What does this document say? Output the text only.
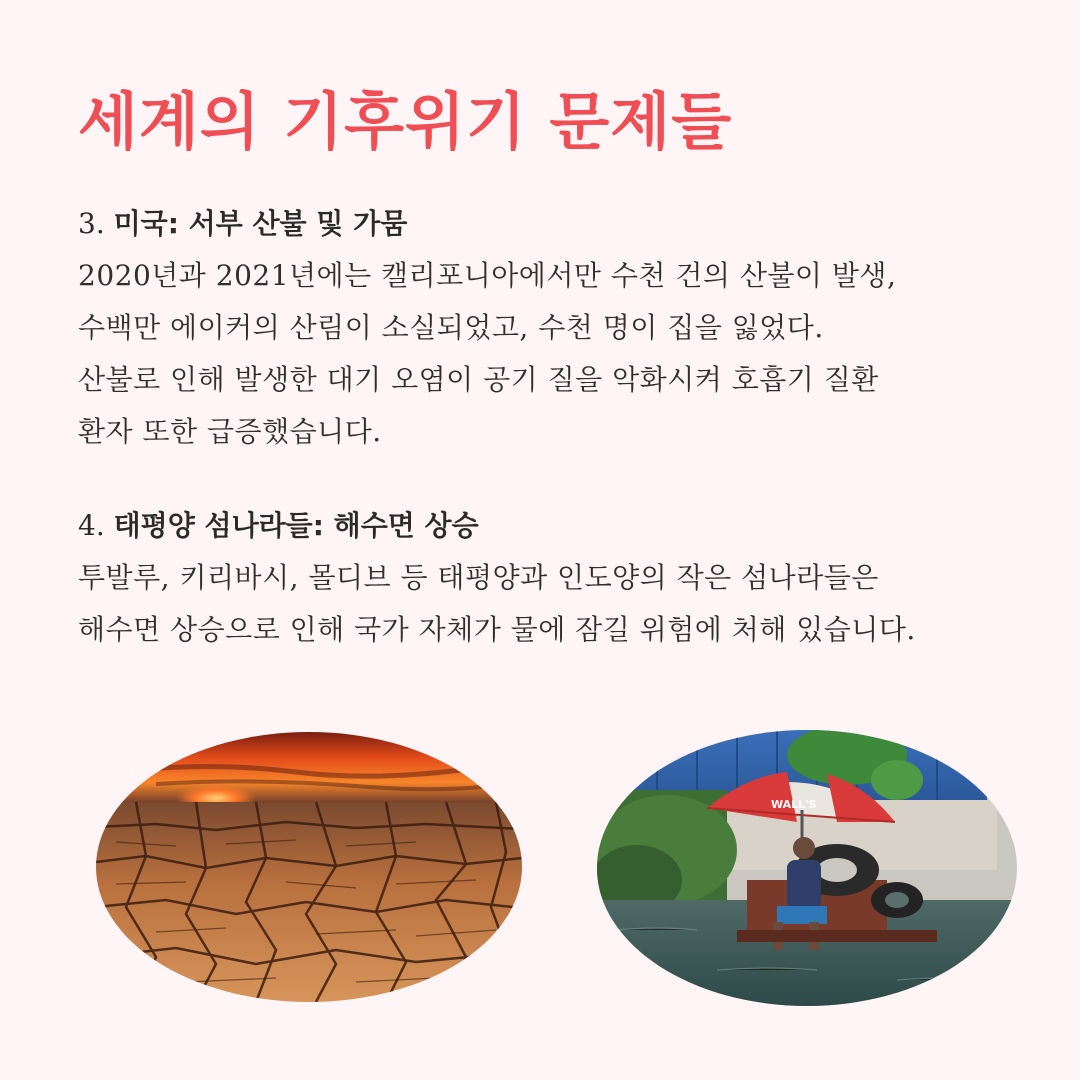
세계의 기후위기 문제들
3. 미국: 서부 산불 및 가뭄
2020년과 2021년에는 캘리포니아에서만 수천 건의 산불이 발생,
수백만 에이커의 산림이 소실되었고, 수천 명이 집을 잃었다.
산불로 인해 발생한 대기 오염이 공기 질을 악화시켜 호흡기 질환
환자 또한 급증했습니다.
4. 태평양 섬나라들: 해수면 상승
투발루, 키리바시, 몰디브 등 태평양과 인도양의 작은 섬나라들은
해수면 상승으로 인해 국가 자체가 물에 잠길 위험에 처해 있습니다.
WALL'S
